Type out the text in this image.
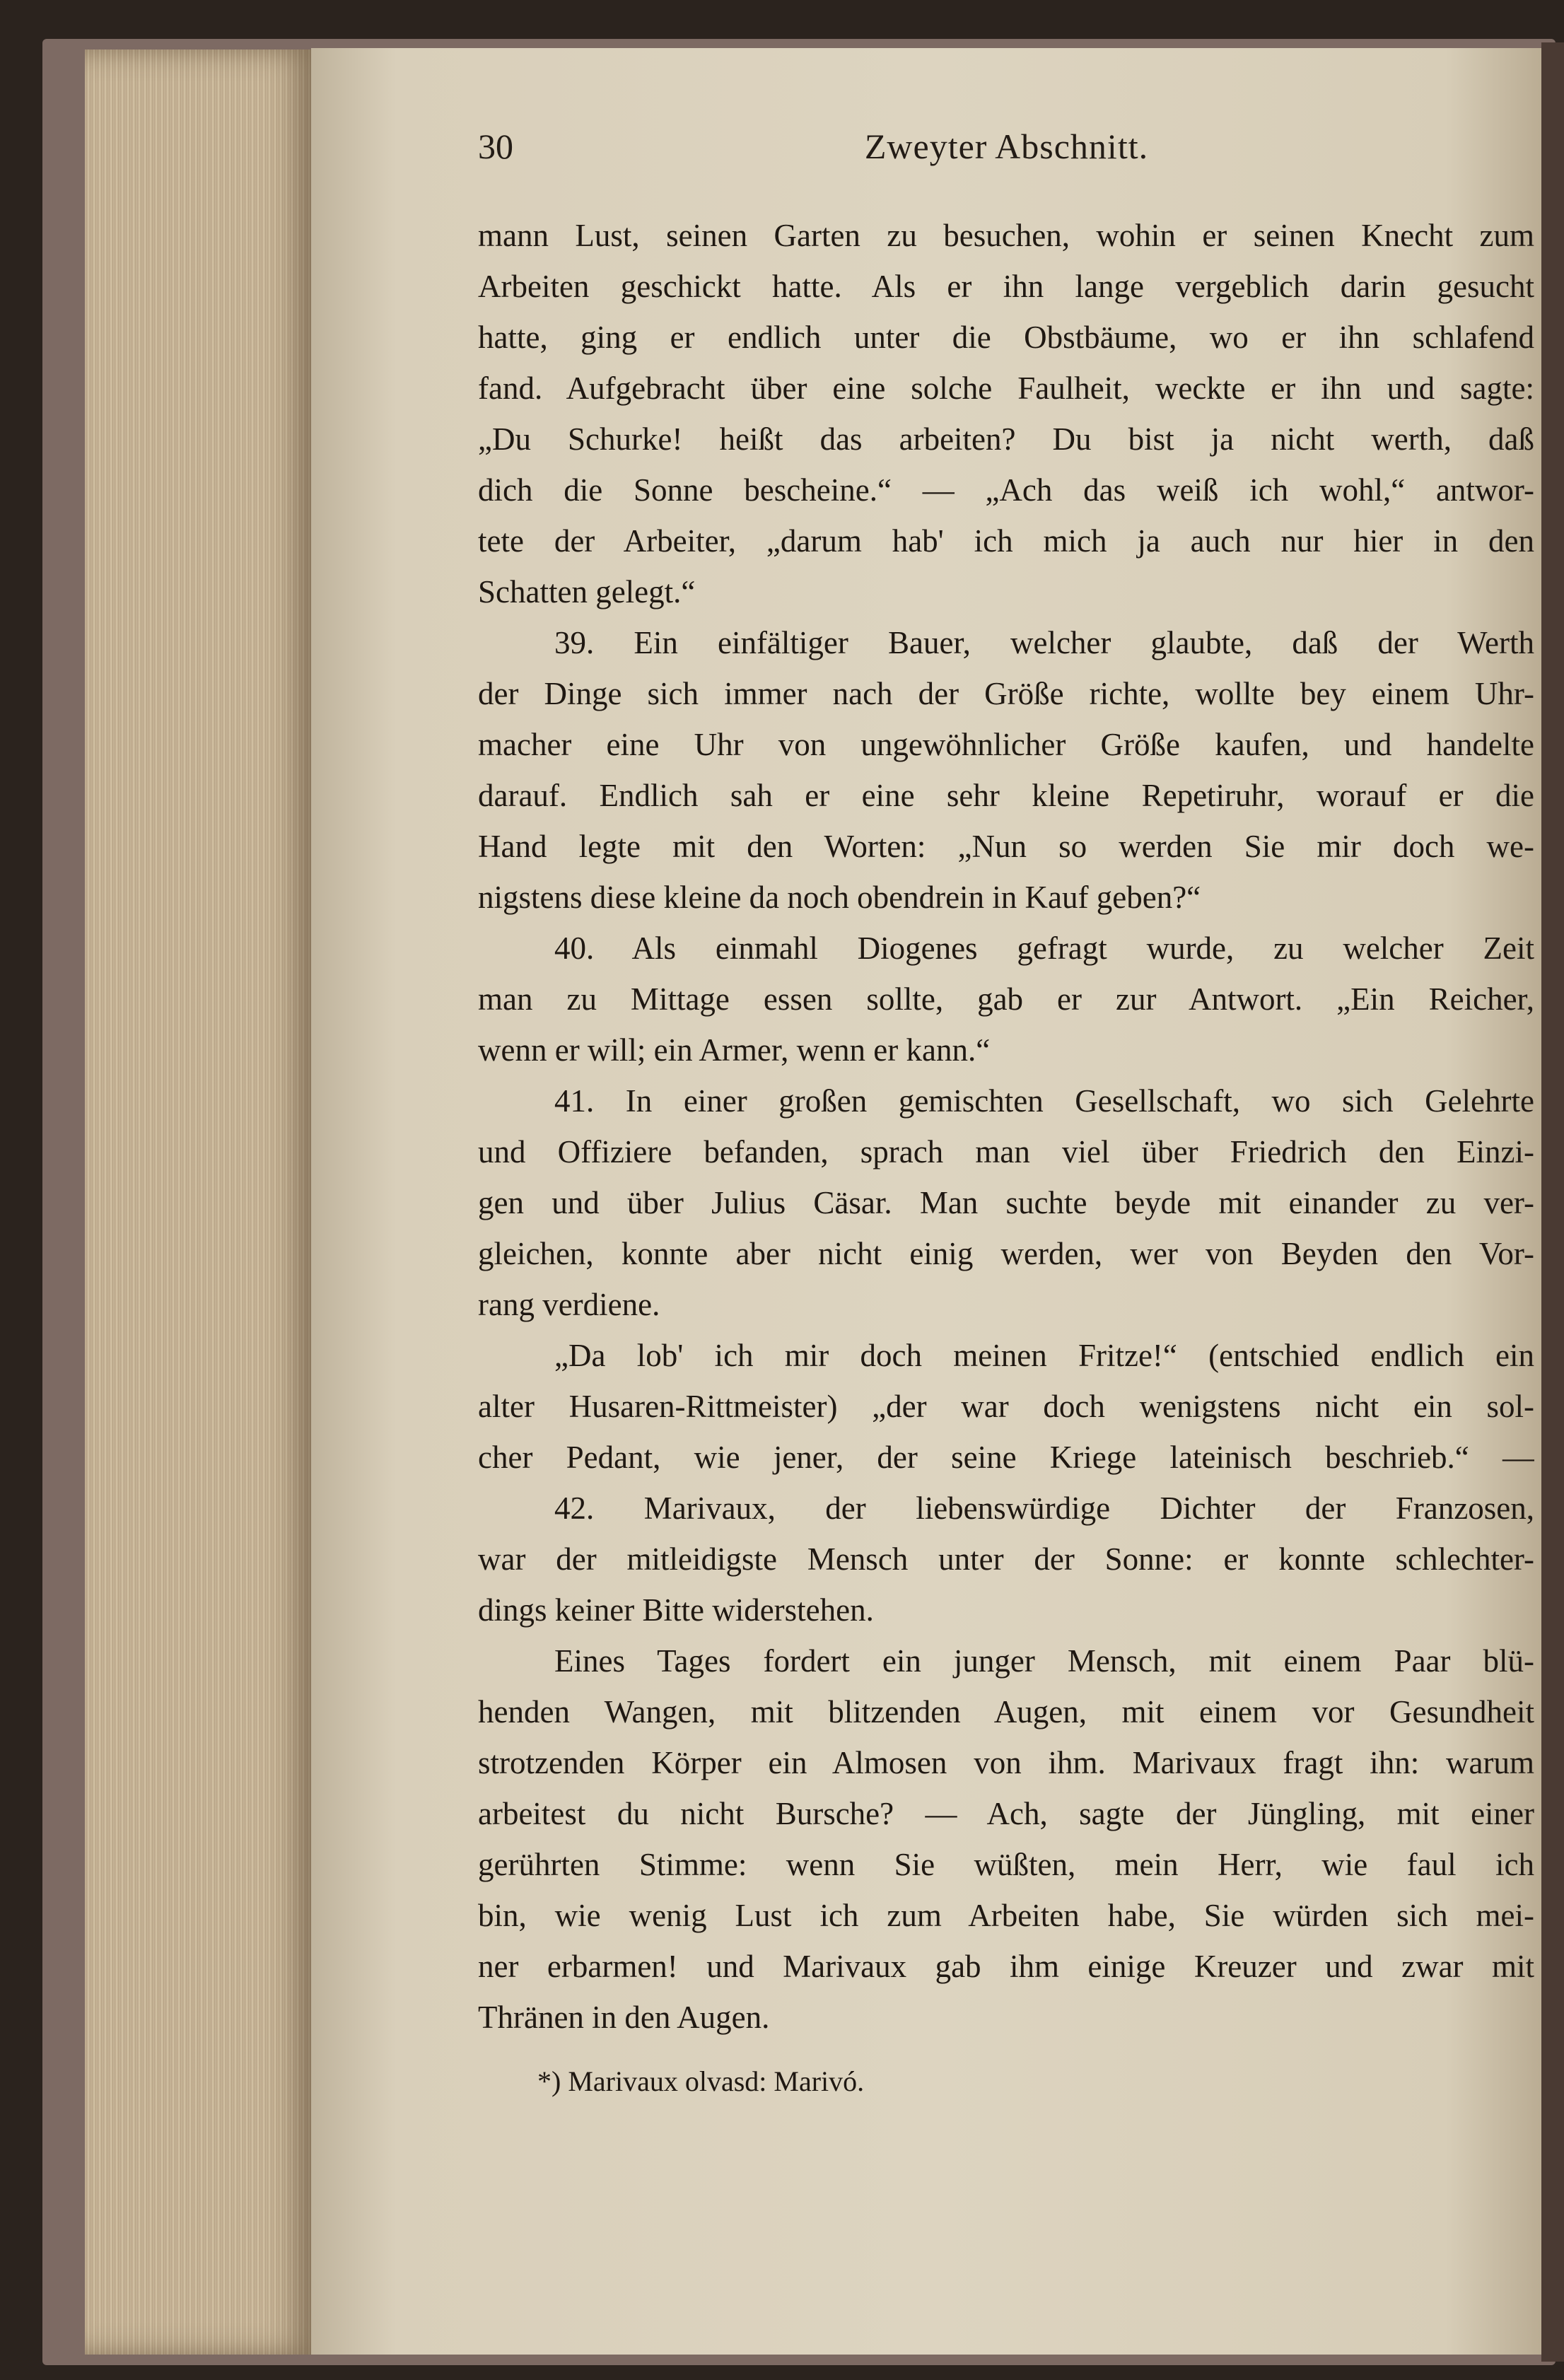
30	Zweyter Abschnitt.
mann Lust, seinen Garten zu besuchen, wohin er seinen Knecht zum
Arbeiten geschickt hatte. Als er ihn lange vergeblich darin gesucht
hatte, ging er endlich unter die Obstbäume, wo er ihn schlafend
fand. Aufgebracht über eine solche Faulheit, weckte er ihn und sagte:
„Du Schurke! heißt das arbeiten? Du bist ja nicht werth, daß
dich die Sonne bescheine.“ — „Ach das weiß ich wohl,“ antwor-
tete der Arbeiter, „darum hab' ich mich ja auch nur hier in den
Schatten gelegt.“
39. Ein einfältiger Bauer, welcher glaubte, daß der Werth
der Dinge sich immer nach der Größe richte, wollte bey einem Uhr-
macher eine Uhr von ungewöhnlicher Größe kaufen, und handelte
darauf. Endlich sah er eine sehr kleine Repetiruhr, worauf er die
Hand legte mit den Worten: „Nun so werden Sie mir doch we-
nigstens diese kleine da noch obendrein in Kauf geben?“
40. Als einmahl Diogenes gefragt wurde, zu welcher Zeit
man zu Mittage essen sollte, gab er zur Antwort. „Ein Reicher,
wenn er will; ein Armer, wenn er kann.“
41. In einer großen gemischten Gesellschaft, wo sich Gelehrte
und Offiziere befanden, sprach man viel über Friedrich den Einzi-
gen und über Julius Cäsar. Man suchte beyde mit einander zu ver-
gleichen, konnte aber nicht einig werden, wer von Beyden den Vor-
rang verdiene.
„Da lob' ich mir doch meinen Fritze!“ (entschied endlich ein
alter Husaren-Rittmeister) „der war doch wenigstens nicht ein sol-
cher Pedant, wie jener, der seine Kriege lateinisch beschrieb.“ —
42. Marivaux, der liebenswürdige Dichter der Franzosen,
war der mitleidigste Mensch unter der Sonne: er konnte schlechter-
dings keiner Bitte widerstehen.
Eines Tages fordert ein junger Mensch, mit einem Paar blü-
henden Wangen, mit blitzenden Augen, mit einem vor Gesundheit
strotzenden Körper ein Almosen von ihm. Marivaux fragt ihn: warum
arbeitest du nicht Bursche? — Ach, sagte der Jüngling, mit einer
gerührten Stimme: wenn Sie wüßten, mein Herr, wie faul ich
bin, wie wenig Lust ich zum Arbeiten habe, Sie würden sich mei-
ner erbarmen! und Marivaux gab ihm einige Kreuzer und zwar mit
Thränen in den Augen.
*) Marivaux olvasd: Marivó.
